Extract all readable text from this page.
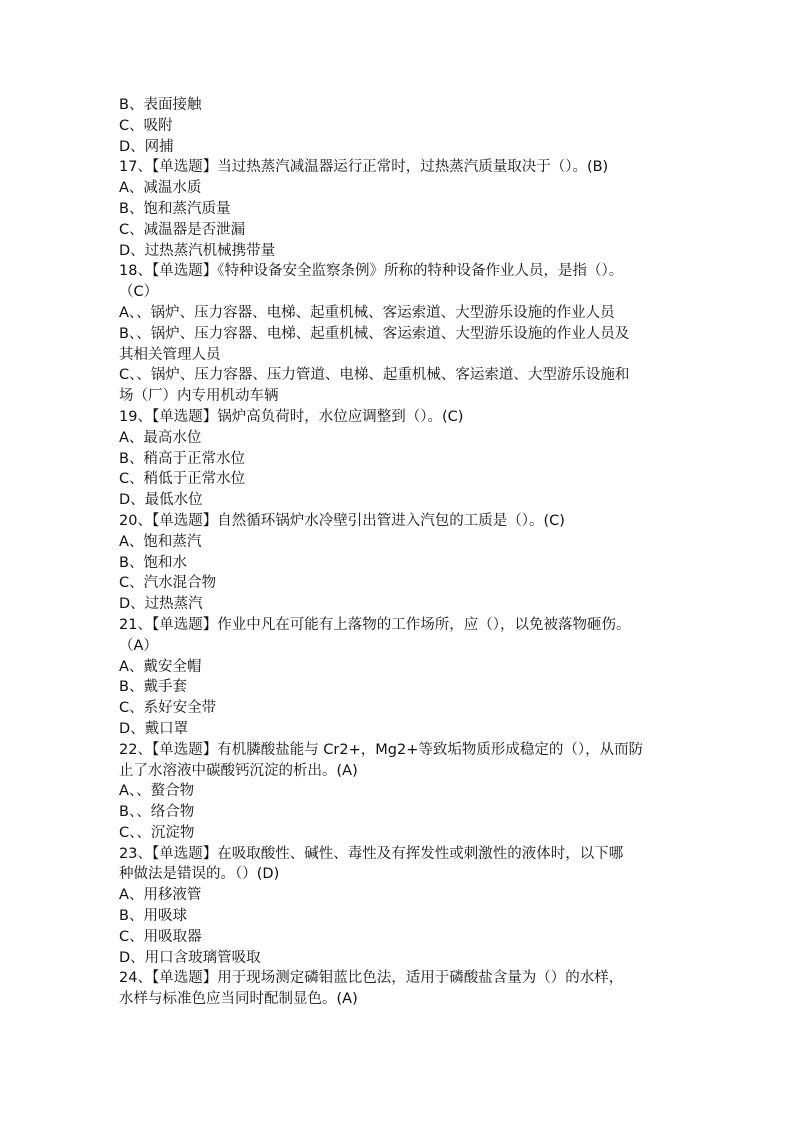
B、表面接触
C、吸附
D、网捕
17、【单选题】当过热蒸汽减温器运行正常时，过热蒸汽质量取决于（）。(B)
A、减温水质
B、饱和蒸汽质量
C、减温器是否泄漏
D、过热蒸汽机械携带量
18、【单选题】《特种设备安全监察条例》所称的特种设备作业人员，是指（）。
（C）
A、、锅炉、压力容器、电梯、起重机械、客运索道、大型游乐设施的作业人员
B、、锅炉、压力容器、电梯、起重机械、客运索道、大型游乐设施的作业人员及
其相关管理人员
C、、锅炉、压力容器、压力管道、电梯、起重机械、客运索道、大型游乐设施和
场（厂）内专用机动车辆
19、【单选题】锅炉高负荷时，水位应调整到（）。(C)
A、最高水位
B、稍高于正常水位
C、稍低于正常水位
D、最低水位
20、【单选题】自然循环锅炉水冷壁引出管进入汽包的工质是（）。(C)
A、饱和蒸汽
B、饱和水
C、汽水混合物
D、过热蒸汽
21、【单选题】作业中凡在可能有上落物的工作场所，应（），以免被落物砸伤。
（A）
A、戴安全帽
B、戴手套
C、系好安全带
D、戴口罩
22、【单选题】有机膦酸盐能与 Cr2+，Mg2+等致垢物质形成稳定的（），从而防
止了水溶液中碳酸钙沉淀的析出。(A)
A、、螯合物
B、、络合物
C、、沉淀物
23、【单选题】在吸取酸性、碱性、毒性及有挥发性或刺激性的液体时，以下哪
种做法是错误的。（）(D)
A、用移液管
B、用吸球
C、用吸取器
D、用口含玻璃管吸取
24、【单选题】用于现场测定磷钼蓝比色法，适用于磷酸盐含量为（）的水样，
水样与标准色应当同时配制显色。(A)
